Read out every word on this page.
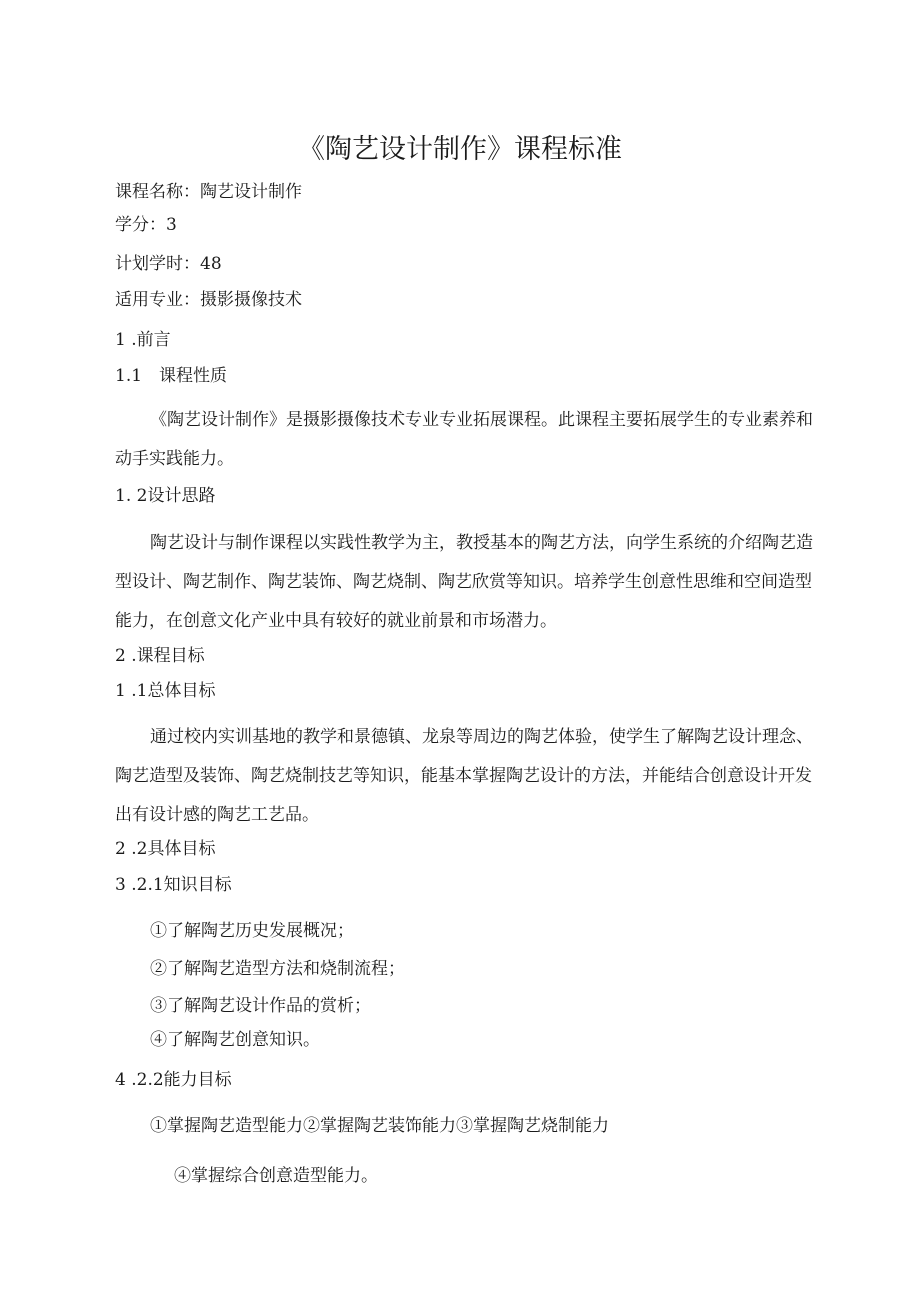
《陶艺设计制作》课程标准
课程名称：陶艺设计制作
学分：3
计划学时：48
适用专业：摄影摄像技术
1 .前言
1.1　课程性质
《陶艺设计制作》是摄影摄像技术专业专业拓展课程。此课程主要拓展学生的专业素养和动手实践能力。
1. 2设计思路
陶艺设计与制作课程以实践性教学为主，教授基本的陶艺方法，向学生系统的介绍陶艺造型设计、陶艺制作、陶艺装饰、陶艺烧制、陶艺欣赏等知识。培养学生创意性思维和空间造型能力，在创意文化产业中具有较好的就业前景和市场潜力。
2 .课程目标
1 .1总体目标
通过校内实训基地的教学和景德镇、龙泉等周边的陶艺体验，使学生了解陶艺设计理念、陶艺造型及装饰、陶艺烧制技艺等知识，能基本掌握陶艺设计的方法，并能结合创意设计开发出有设计感的陶艺工艺品。
2 .2具体目标
3 .2.1知识目标
①了解陶艺历史发展概况；
②了解陶艺造型方法和烧制流程；
③了解陶艺设计作品的赏析；
④了解陶艺创意知识。
4 .2.2能力目标
①掌握陶艺造型能力②掌握陶艺装饰能力③掌握陶艺烧制能力
④掌握综合创意造型能力。
